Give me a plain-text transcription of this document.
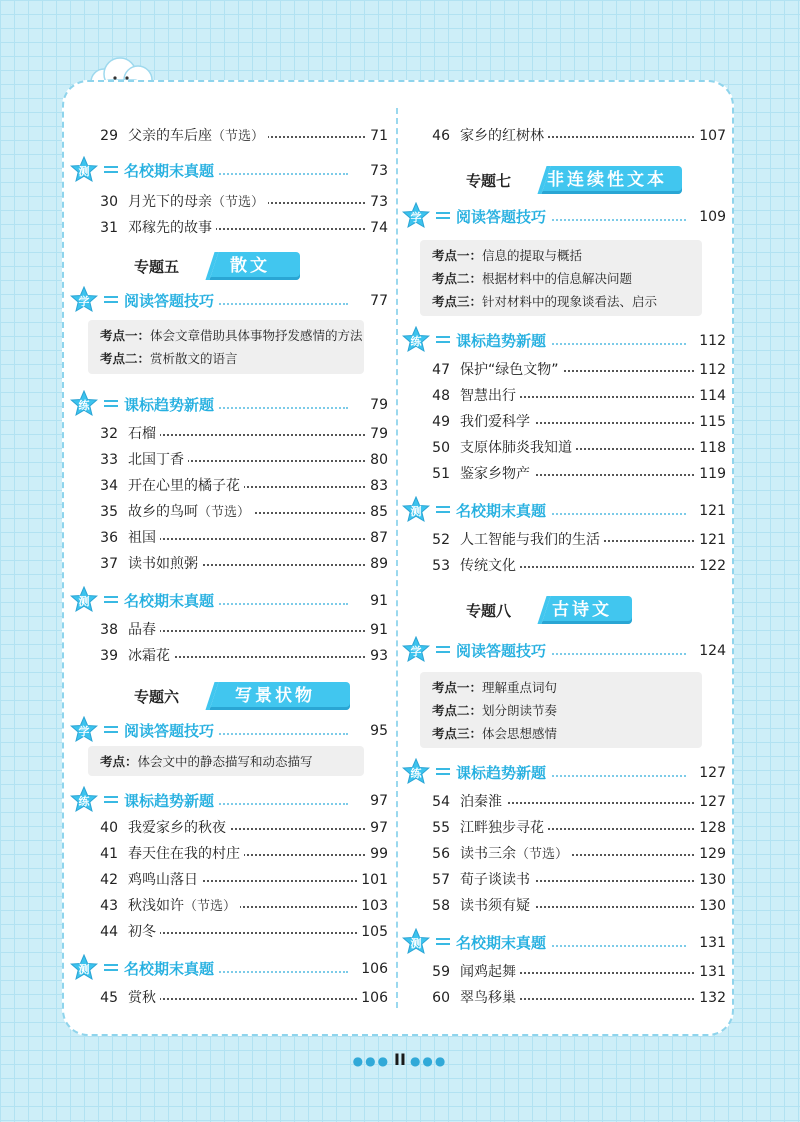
29 父亲的车后座（节选）	71
测 名校期末真题	73
30 月光下的母亲（节选）	73
31 邓稼先的故事	74
专题五	散文
学 阅读答题技巧	77
考点一：体会文章借助具体事物抒发感情的方法
考点二：赏析散文的语言
练 课标趋势新题	79
32 石榴	79
33 北国丁香	80
34 开在心里的橘子花	83
35 故乡的鸟呵（节选）	85
36 祖国	87
37 读书如煎粥	89
测 名校期末真题	91
38 品春	91
39 冰霜花	93
专题六	写景状物
学 阅读答题技巧	95
考点：体会文中的静态描写和动态描写
练 课标趋势新题	97
40 我爱家乡的秋夜	97
41 春天住在我的村庄	99
42 鸡鸣山落日	101
43 秋浅如许（节选）	103
44 初冬	105
测 名校期末真题	106
45 赏秋	106
46 家乡的红树林	107
专题七	非连续性文本
学 阅读答题技巧	109
考点一：信息的提取与概括
考点二：根据材料中的信息解决问题
考点三：针对材料中的现象谈看法、启示
练 课标趋势新题	112
47 保护“绿色文物”	112
48 智慧出行	114
49 我们爱科学	115
50 支原体肺炎我知道	118
51 鉴家乡物产	119
测 名校期末真题	121
52 人工智能与我们的生活	121
53 传统文化	122
专题八	古诗文
学 阅读答题技巧	124
考点一：理解重点词句
考点二：划分朗读节奏
考点三：体会思想感情
练 课标趋势新题	127
54 泊秦淮	127
55 江畔独步寻花	128
56 读书三余（节选）	129
57 荀子谈读书	130
58 读书须有疑	130
测 名校期末真题	131
59 闻鸡起舞	131
60 翠鸟移巢	132
●●● II ●●●
